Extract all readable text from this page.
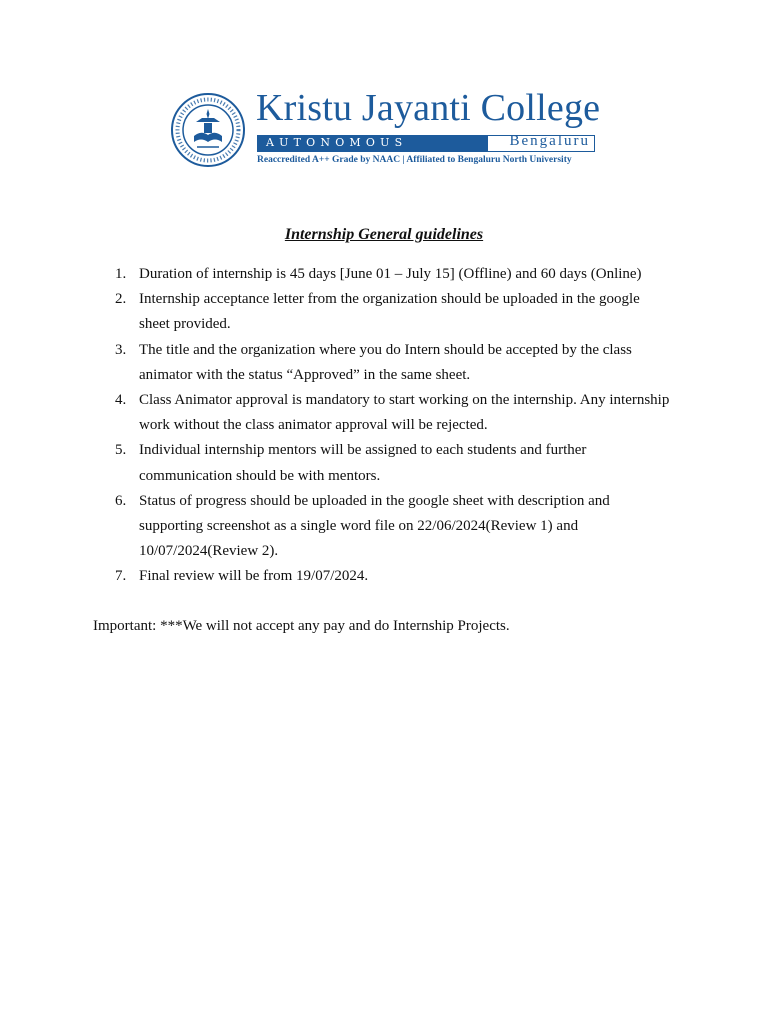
Kristu Jayanti College
AUTONOMOUS	Bengaluru
Reaccredited A++ Grade by NAAC | Affiliated to Bengaluru North University
Internship General guidelines
1. Duration of internship is 45 days [June 01 – July 15] (Offline) and 60 days (Online)
2. Internship acceptance letter from the organization should be uploaded in the google sheet provided.
3. The title and the organization where you do Intern should be accepted by the class animator with the status “Approved” in the same sheet.
4. Class Animator approval is mandatory to start working on the internship. Any internship work without the class animator approval will be rejected.
5. Individual internship mentors will be assigned to each students and further communication should be with mentors.
6. Status of progress should be uploaded in the google sheet with description and supporting screenshot as a single word file on 22/06/2024(Review 1) and 10/07/2024(Review 2).
7. Final review will be from 19/07/2024.
Important: ***We will not accept any pay and do Internship Projects.
